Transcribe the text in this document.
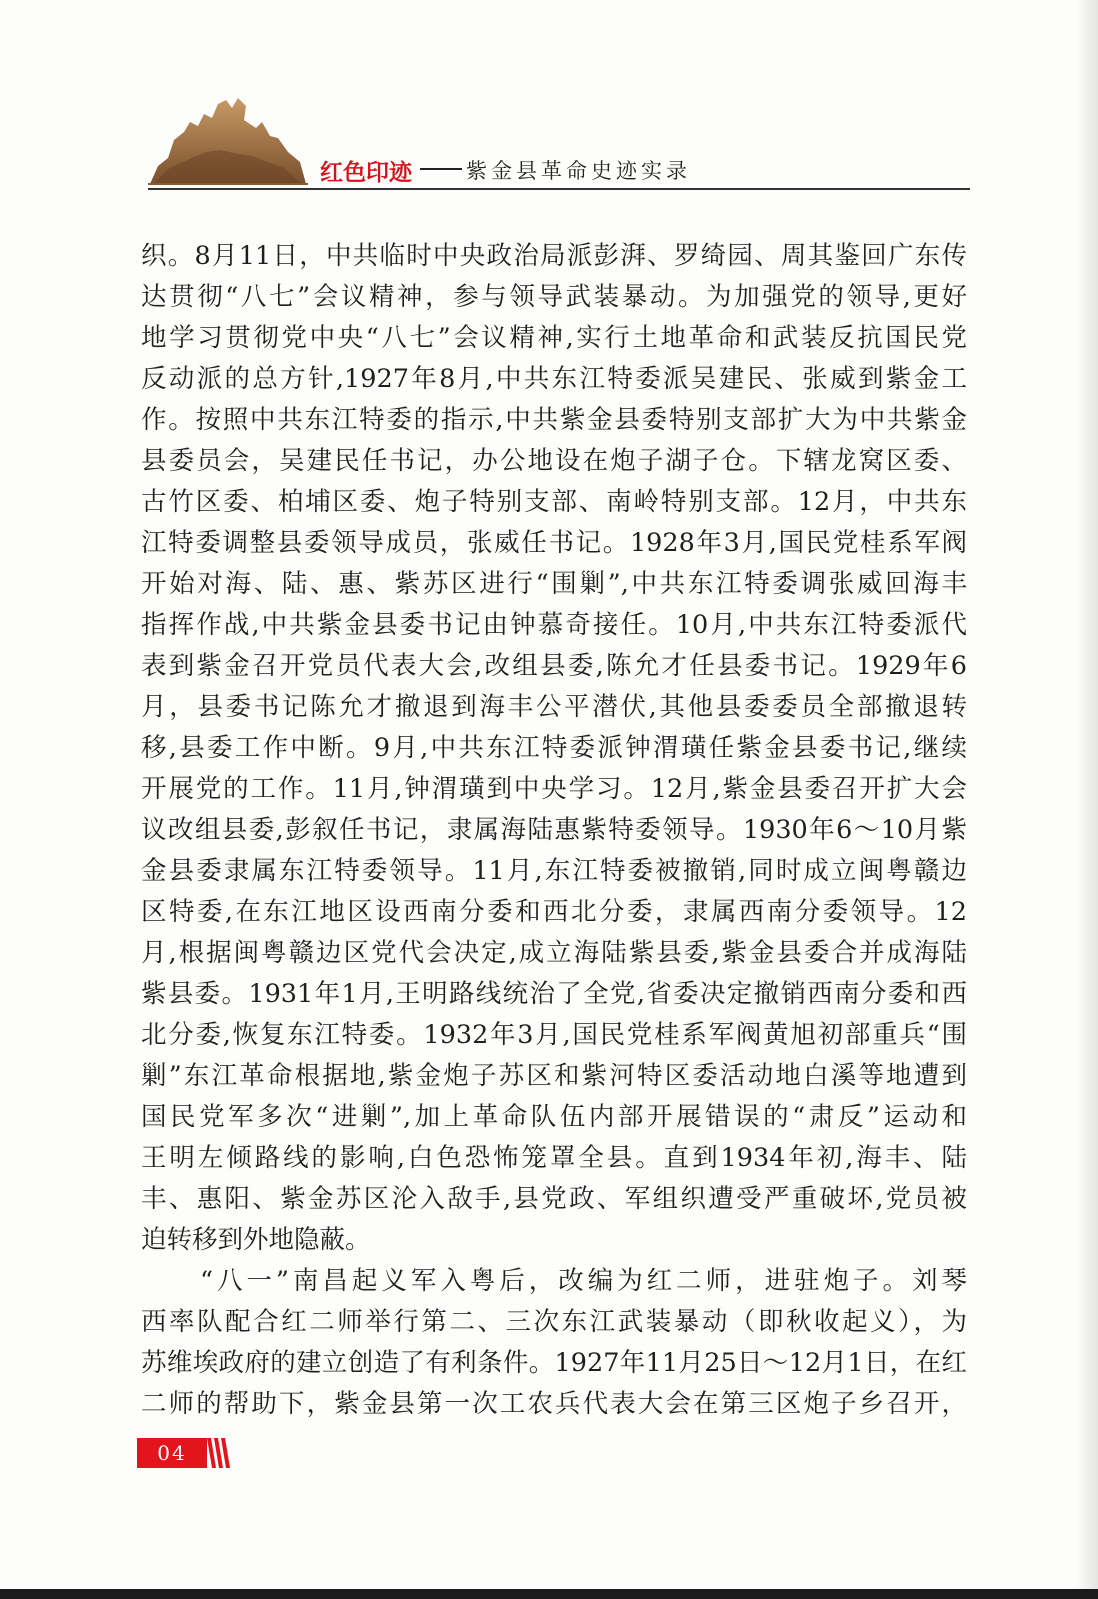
红色印迹	紫金县革命史迹实录
织。8月11日，中共临时中央政治局派彭湃、罗绮园、周其鉴回广东传
达贯彻“八七”会议精神，参与领导武装暴动。为加强党的领导,更好
地学习贯彻党中央“八七”会议精神,实行土地革命和武装反抗国民党
反动派的总方针,1927年8月,中共东江特委派吴建民、张威到紫金工
作。按照中共东江特委的指示,中共紫金县委特别支部扩大为中共紫金
县委员会，吴建民任书记，办公地设在炮子湖子仓。下辖龙窝区委、
古竹区委、柏埔区委、炮子特别支部、南岭特别支部。12月，中共东
江特委调整县委领导成员，张威任书记。1928年3月,国民党桂系军阀
开始对海、陆、惠、紫苏区进行“围剿”,中共东江特委调张威回海丰
指挥作战,中共紫金县委书记由钟慕奇接任。10月,中共东江特委派代
表到紫金召开党员代表大会,改组县委,陈允才任县委书记。1929年6
月，县委书记陈允才撤退到海丰公平潜伏,其他县委委员全部撤退转
移,县委工作中断。9月,中共东江特委派钟渭璜任紫金县委书记,继续
开展党的工作。11月,钟渭璜到中央学习。12月,紫金县委召开扩大会
议改组县委,彭叙任书记，隶属海陆惠紫特委领导。1930年6～10月紫
金县委隶属东江特委领导。11月,东江特委被撤销,同时成立闽粤赣边
区特委,在东江地区设西南分委和西北分委，隶属西南分委领导。12
月,根据闽粤赣边区党代会决定,成立海陆紫县委,紫金县委合并成海陆
紫县委。1931年1月,王明路线统治了全党,省委决定撤销西南分委和西
北分委,恢复东江特委。1932年3月,国民党桂系军阀黄旭初部重兵“围
剿”东江革命根据地,紫金炮子苏区和紫河特区委活动地白溪等地遭到
国民党军多次“进剿”,加上革命队伍内部开展错误的“肃反”运动和
王明左倾路线的影响,白色恐怖笼罩全县。直到1934年初,海丰、陆
丰、惠阳、紫金苏区沦入敌手,县党政、军组织遭受严重破坏,党员被
迫转移到外地隐蔽。
　　“八一”南昌起义军入粤后，改编为红二师，进驻炮子。刘琴
西率队配合红二师举行第二、三次东江武装暴动（即秋收起义），为
苏维埃政府的建立创造了有利条件。1927年11月25日～12月1日，在红
二师的帮助下，紫金县第一次工农兵代表大会在第三区炮子乡召开，
04
